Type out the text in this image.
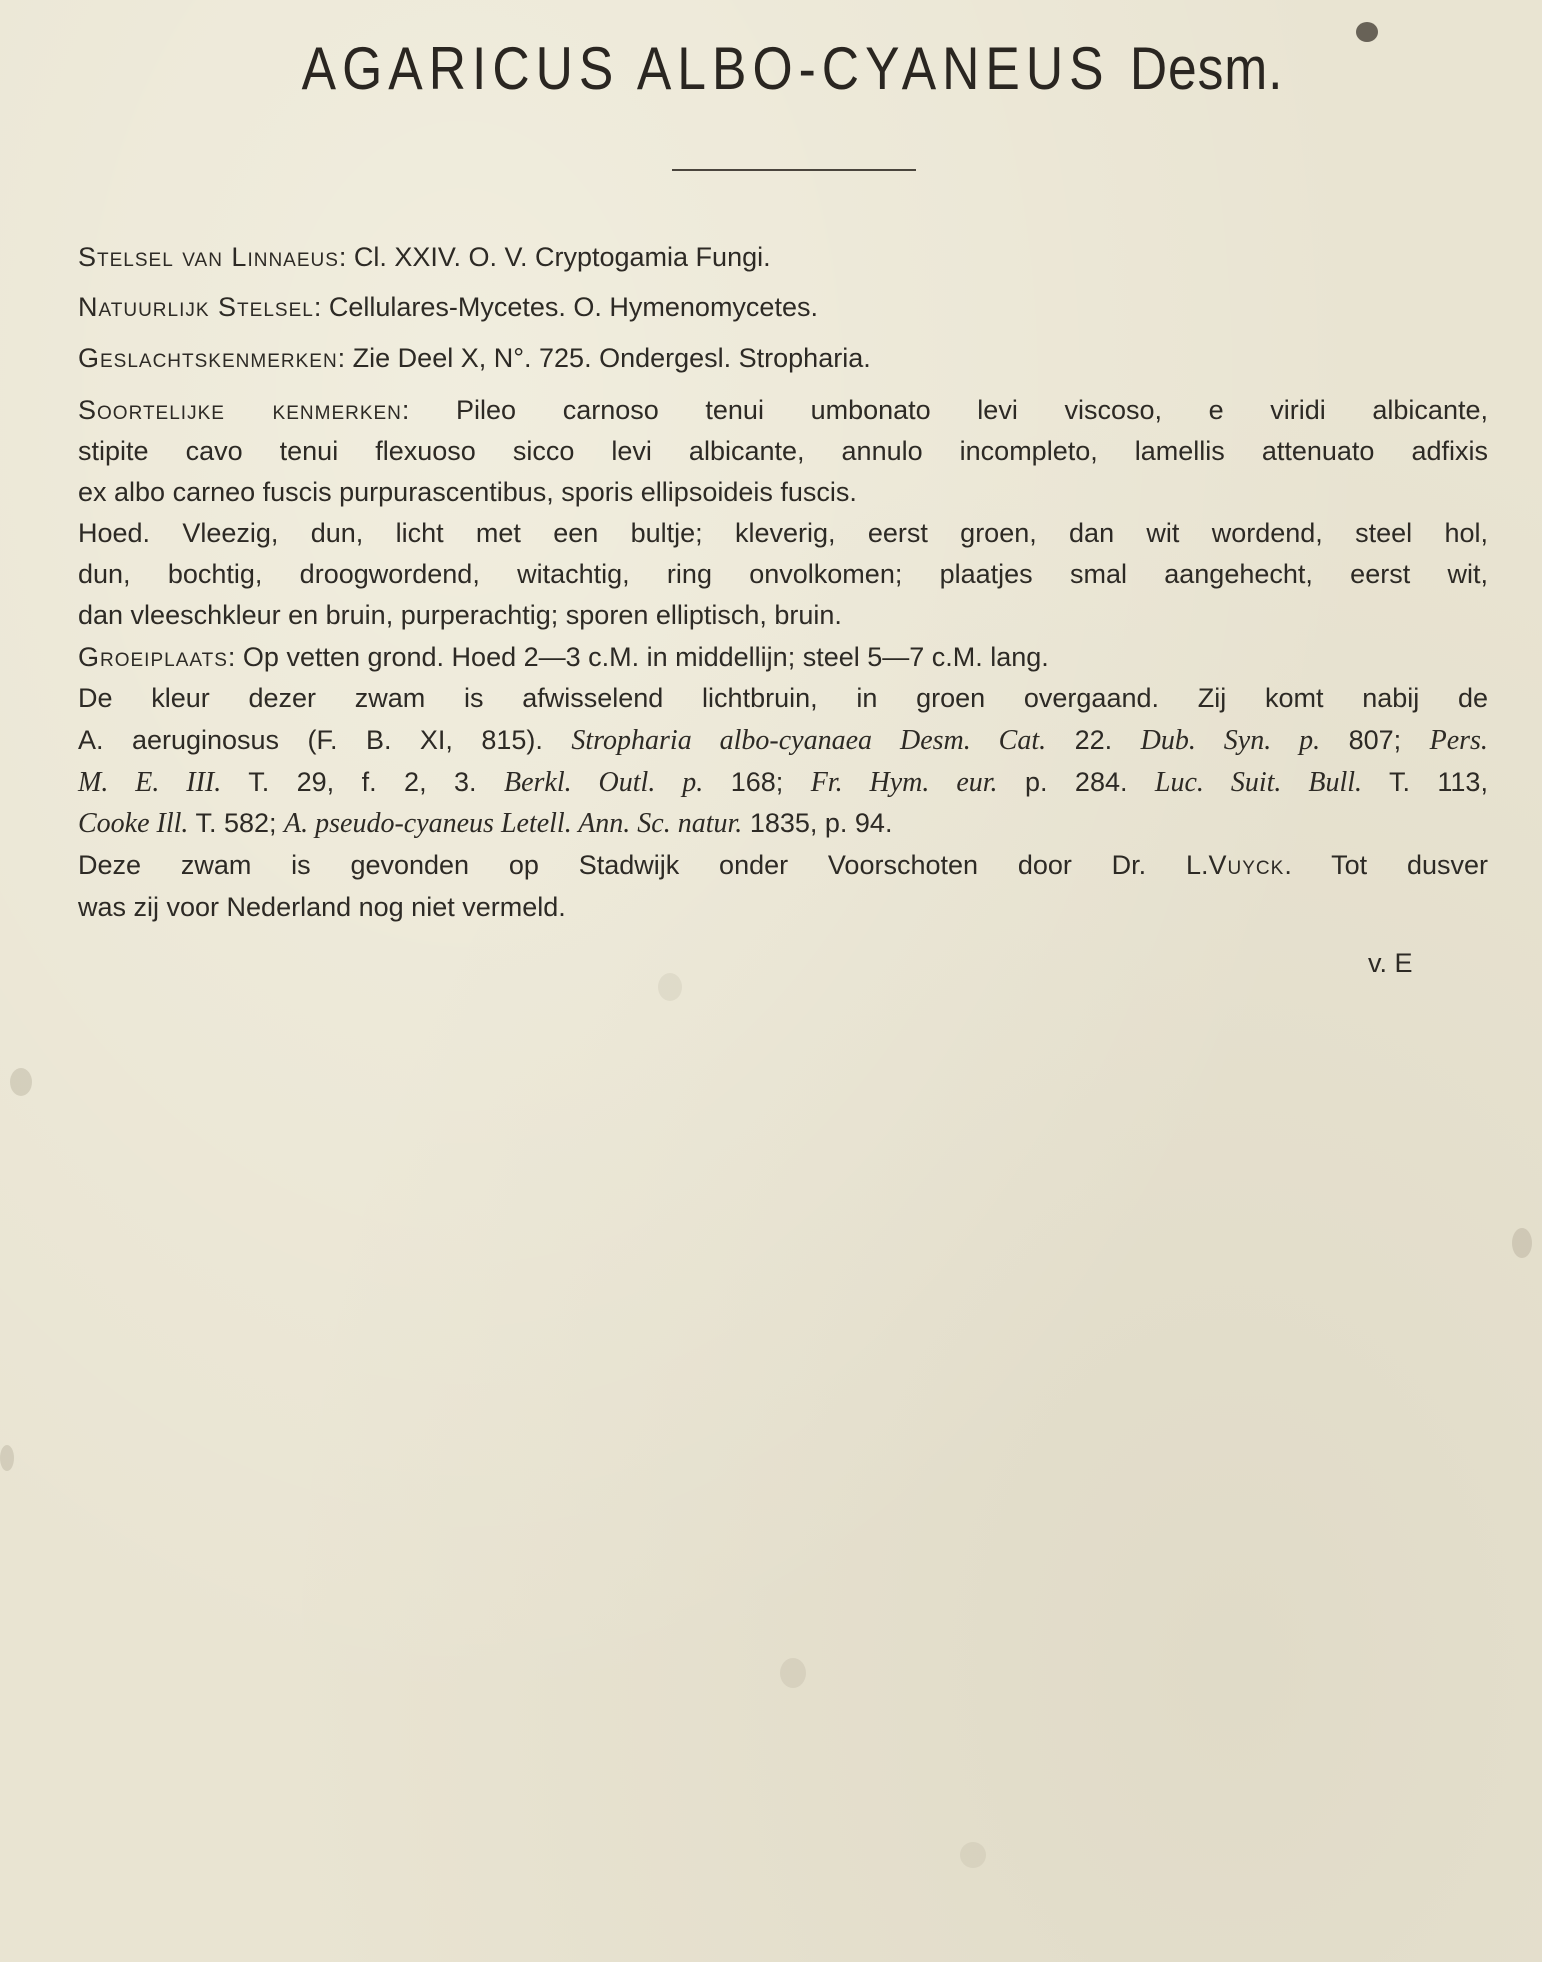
AGARICUS ALBO-CYANEUS Desm.
Stelsel van Linnaeus: Cl. XXIV. O. V. Cryptogamia Fungi.
Natuurlijk Stelsel: Cellulares-Mycetes. O. Hymenomycetes.
Geslachtskenmerken: Zie Deel X, N°. 725. Ondergesl. Stropharia.
Soortelijke kenmerken: Pileo carnoso tenui umbonato levi viscoso, e viridi albicante,
stipite cavo tenui flexuoso sicco levi albicante, annulo incompleto, lamellis attenuato adfixis
ex albo carneo fuscis purpurascentibus, sporis ellipsoideis fuscis.
Hoed. Vleezig, dun, licht met een bultje; kleverig, eerst groen, dan wit wordend, steel hol,
dun, bochtig, droogwordend, witachtig, ring onvolkomen; plaatjes smal aangehecht, eerst wit,
dan vleeschkleur en bruin, purperachtig; sporen elliptisch, bruin.
Groeiplaats: Op vetten grond. Hoed 2—3 c.M. in middellijn; steel 5—7 c.M. lang.
De kleur dezer zwam is afwisselend lichtbruin, in groen overgaand. Zij komt nabij de
A. aeruginosus (F. B. XI, 815). Stropharia albo-cyanaea Desm. Cat. 22. Dub. Syn. p. 807; Pers.
M. E. III. T. 29, f. 2, 3. Berkl. Outl. p. 168; Fr. Hym. eur. p. 284. Luc. Suit. Bull. T. 113,
Cooke Ill. T. 582; A. pseudo-cyaneus Letell. Ann. Sc. natur. 1835, p. 94.
Deze zwam is gevonden op Stadwijk onder Voorschoten door Dr. L.Vuyck. Tot dusver
was zij voor Nederland nog niet vermeld.
v. E
